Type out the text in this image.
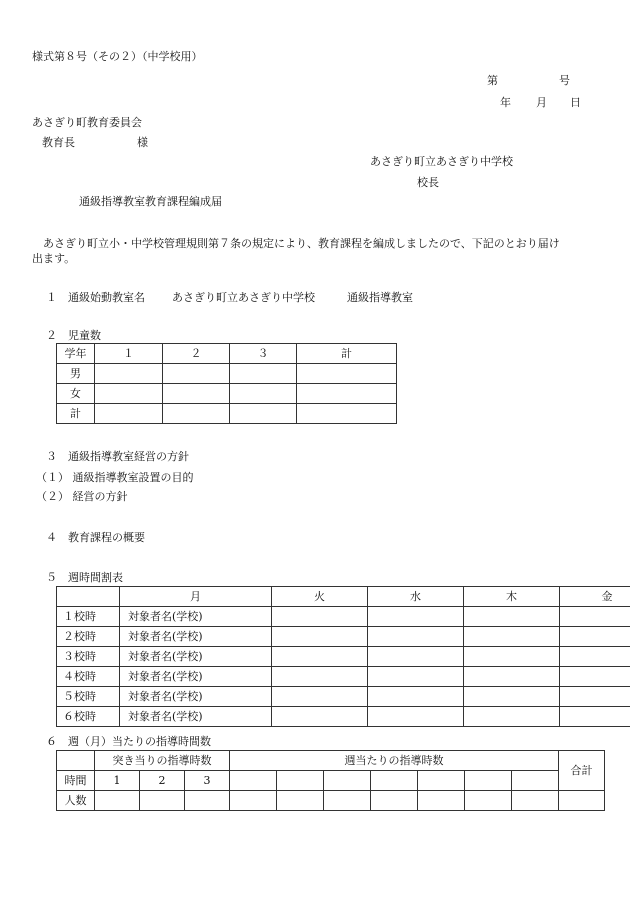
様式第８号（その２）（中学校用）
第	号
年 月 日
あさぎり町教育委員会
教育長	様
あさぎり町立あさぎり中学校
校長
通級指導教室教育課程編成届
あさぎり町立小・中学校管理規則第７条の規定により、教育課程を編成しましたので、下記のとおり届け
出ます。
１　通級始動教室名 あさぎり町立あさぎり中学校	通級指導教室
２　児童数
学年	１	２	３	計
男				
女				
計				
３　通級指導教室経営の方針
（１） 通級指導教室設置の目的
（２） 経営の方針
４　教育課程の概要
５　週時間割表
	月	火	水	木	金
１校時	対象者名(学校)				
２校時	対象者名(学校)				
３校時	対象者名(学校)				
４校時	対象者名(学校)				
５校時	対象者名(学校)				
６校時	対象者名(学校)				
６　週（月）当たりの指導時間数
	突き当りの指導時数			週当たりの指導時数							合計
時間	1	2	3								
人数											
